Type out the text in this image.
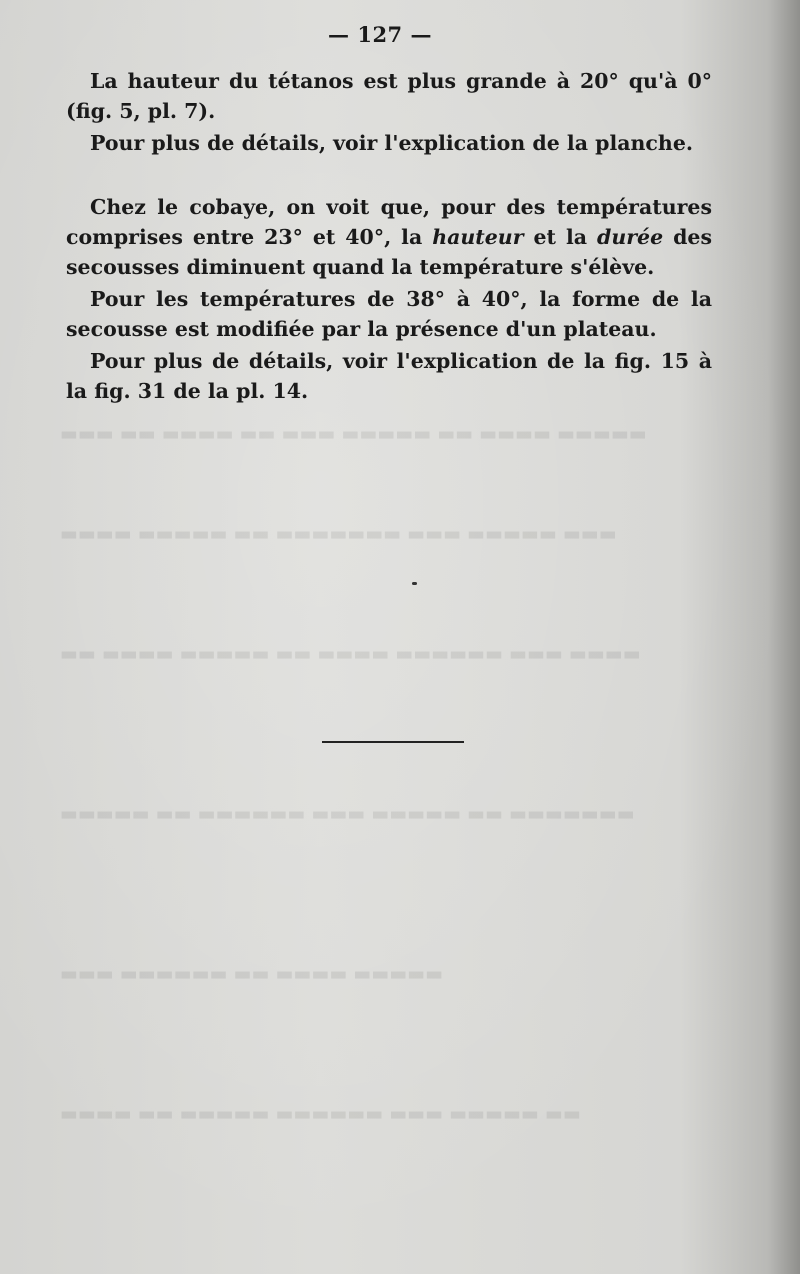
— 127 —

La hauteur du tétanos est plus grande à 20° qu'à 0° (fig. 5, pl. 7).

Pour plus de détails, voir l'explication de la planche.

Chez le cobaye, on voit que, pour des températures comprises entre 23° et 40°, la hauteur et la durée des secousses diminuent quand la température s'élève.

Pour les températures de 38° à 40°, la forme de la secousse est modifiée par la présence d'un plateau.

Pour plus de détails, voir l'explication de la fig. 15 à la fig. 31 de la pl. 14.

▬▬▬ ▬▬ ▬▬▬▬ ▬▬ ▬▬▬ ▬▬▬▬▬ ▬▬ ▬▬▬▬ ▬▬▬▬▬
▬▬▬▬ ▬▬▬▬▬ ▬▬ ▬▬▬▬▬▬▬ ▬▬▬ ▬▬▬▬▬ ▬▬▬
▬▬ ▬▬▬▬ ▬▬▬▬▬ ▬▬ ▬▬▬▬ ▬▬▬▬▬▬ ▬▬▬ ▬▬▬▬
▬▬▬▬▬ ▬▬ ▬▬▬▬▬▬ ▬▬▬ ▬▬▬▬▬ ▬▬ ▬▬▬▬▬▬▬
▬▬▬ ▬▬▬▬▬▬ ▬▬ ▬▬▬▬ ▬▬▬▬▬
▬▬▬▬ ▬▬ ▬▬▬▬▬ ▬▬▬▬▬▬ ▬▬▬ ▬▬▬▬▬ ▬▬
